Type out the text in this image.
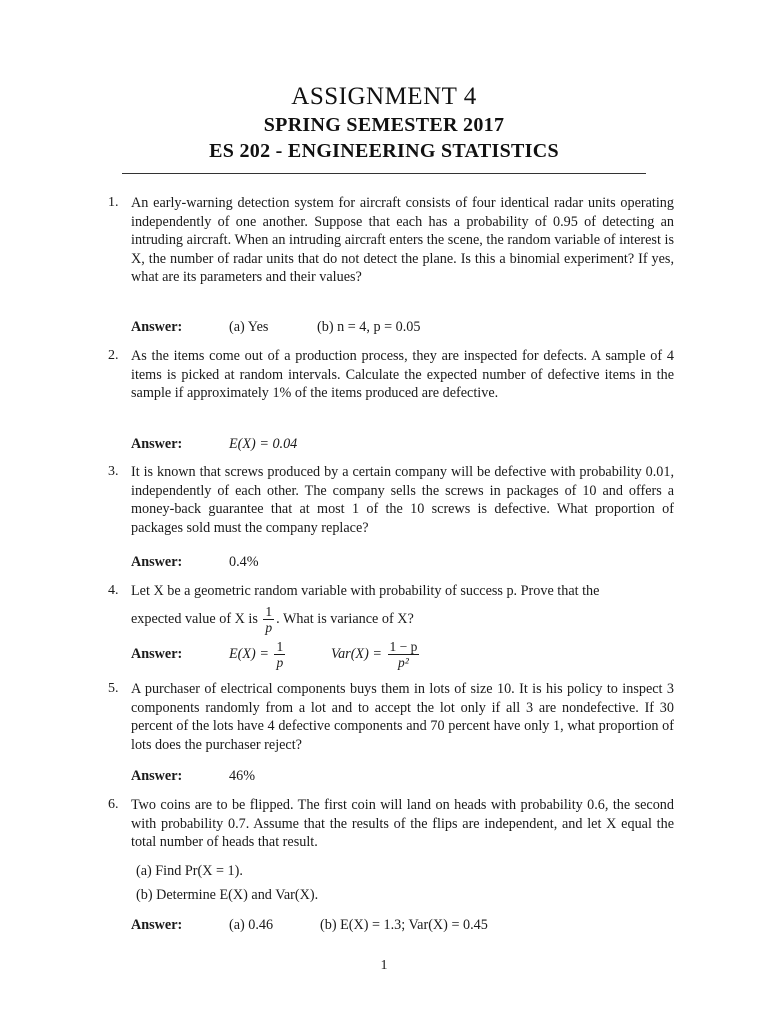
ASSIGNMENT 4
SPRING SEMESTER 2017
ES 202 - ENGINEERING STATISTICS
1. An early-warning detection system for aircraft consists of four identical radar units operating independently of one another. Suppose that each has a probability of 0.95 of detecting an intruding aircraft. When an intruding aircraft enters the scene, the random variable of interest is X, the number of radar units that do not detect the plane. Is this a binomial experiment? If yes, what are its parameters and their values?
Answer:	(a) Yes	(b) n = 4, p = 0.05
2. As the items come out of a production process, they are inspected for defects. A sample of 4 items is picked at random intervals. Calculate the expected number of defective items in the sample if approximately 1% of the items produced are defective.
Answer:	E(X) = 0.04
3. It is known that screws produced by a certain company will be defective with probability 0.01, independently of each other. The company sells the screws in packages of 10 and offers a money-back guarantee that at most 1 of the 10 screws is defective. What proportion of packages sold must the company replace?
Answer:	0.4%
4. Let X be a geometric random variable with probability of success p. Prove that the
expected value of X is $\frac{1}{p}$ . What is variance of X?
Answer:	$E(X) = \frac{1}{p}$	$Var(X) = \frac{1 - p}{\text{p²}}$
5. A purchaser of electrical components buys them in lots of size 10. It is his policy to inspect 3 components randomly from a lot and to accept the lot only if all 3 are nondefective. If 30 percent of the lots have 4 defective components and 70 percent have only 1, what proportion of lots does the purchaser reject?
Answer:	46%
6. Two coins are to be flipped. The first coin will land on heads with probability 0.6, the second with probability 0.7. Assume that the results of the flips are independent, and let X equal the total number of heads that result.
(a) Find Pr(X = 1).
(b) Determine E(X) and Var(X).
Answer:	(a) 0.46	(b) E(X) = 1.3; Var(X) = 0.45
1
